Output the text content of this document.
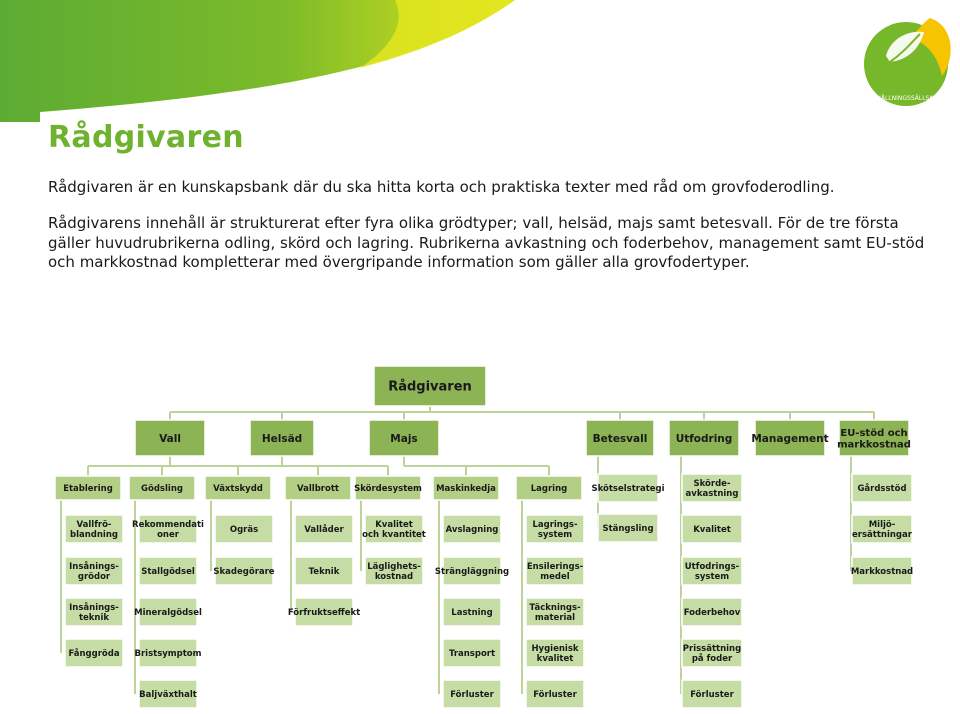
HUSHÅLLNINGSSÄLLSKAPET
Rådgivaren

Rådgivaren är en kunskapsbank där du ska hitta korta och praktiska texter med råd om grovfoderodling.

Rådgivarens innehåll är strukturerat efter fyra olika grödtyper; vall, helsäd, majs samt betesvall. För de tre första gäller huvudrubrikerna odling, skörd och lagring. Rubrikerna avkastning och foderbehov, management samt EU-stöd och markkostnad kompletterar med övergripande information som gäller alla grovfodertyper.

Rådgivaren
Vallfrö-
blandning
Insånings-
grödor
Insånings-
teknik
Fånggröda
Etablering
Rekommendati
oner
Stallgödsel
Mineralgödsel
Bristsymptom
Baljväxthalt
Gödsling
Ogräs
Skadegörare
Växtskydd
Vallåder
Teknik
Förfruktseffekt
Vallbrott
Vall
Kvalitet
och kvantitet
Läglighets-
kostnad
Skördesystem
Helsäd
Avslagning
Strängläggning
Lastning
Transport
Förluster
Maskinkedja
Lagrings-
system
Ensilerings-
medel
Täcknings-
material
Hygienisk
kvalitet
Förluster
Lagring
Majs
Skötselstrategi
Stängsling
Betesvall
Skörde-
avkastning
Kvalitet
Utfodrings-
system
Foderbehov
Prissättning
på foder
Förluster
Utfodring Management
Gårdsstöd
Miljö-
ersättningar
Markkostnad
EU-stöd och
markkostnad
